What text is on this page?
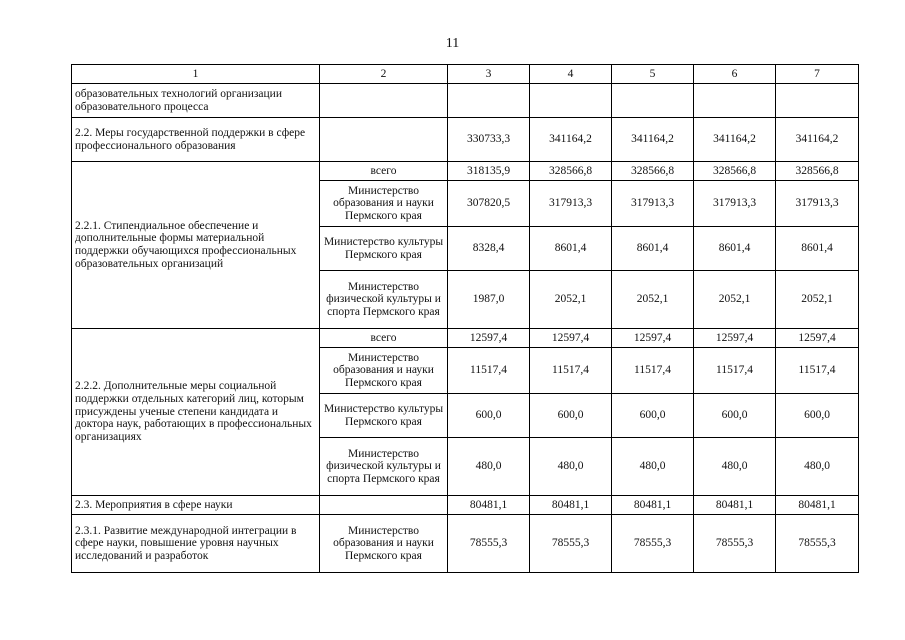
11
1	2	3	4	5	6	7
образовательных технологий организации образовательного процесса						
2.2. Меры государственной поддержки в сфере профессионального образования		330733,3	341164,2	341164,2	341164,2	341164,2
2.2.1. Стипендиальное обеспечение и дополнительные формы материальной поддержки обучающихся профессиональных образовательных организаций	всего	318135,9	328566,8	328566,8	328566,8	328566,8
	Министерство образования и науки Пермского края	307820,5	317913,3	317913,3	317913,3	317913,3
	Министерство культуры Пермского края	8328,4	8601,4	8601,4	8601,4	8601,4
	Министерство физической культуры и спорта Пермского края	1987,0	2052,1	2052,1	2052,1	2052,1
2.2.2. Дополнительные меры социальной поддержки отдельных категорий лиц, которым присуждены ученые степени кандидата и доктора наук, работающих в профессиональных организациях	всего	12597,4	12597,4	12597,4	12597,4	12597,4
	Министерство образования и науки Пермского края	11517,4	11517,4	11517,4	11517,4	11517,4
	Министерство культуры Пермского края	600,0	600,0	600,0	600,0	600,0
	Министерство физической культуры и спорта Пермского края	480,0	480,0	480,0	480,0	480,0
2.3. Мероприятия в сфере науки		80481,1	80481,1	80481,1	80481,1	80481,1
2.3.1. Развитие международной интеграции в сфере науки, повышение уровня научных исследований и разработок	Министерство образования и науки Пермского края	78555,3	78555,3	78555,3	78555,3	78555,3
